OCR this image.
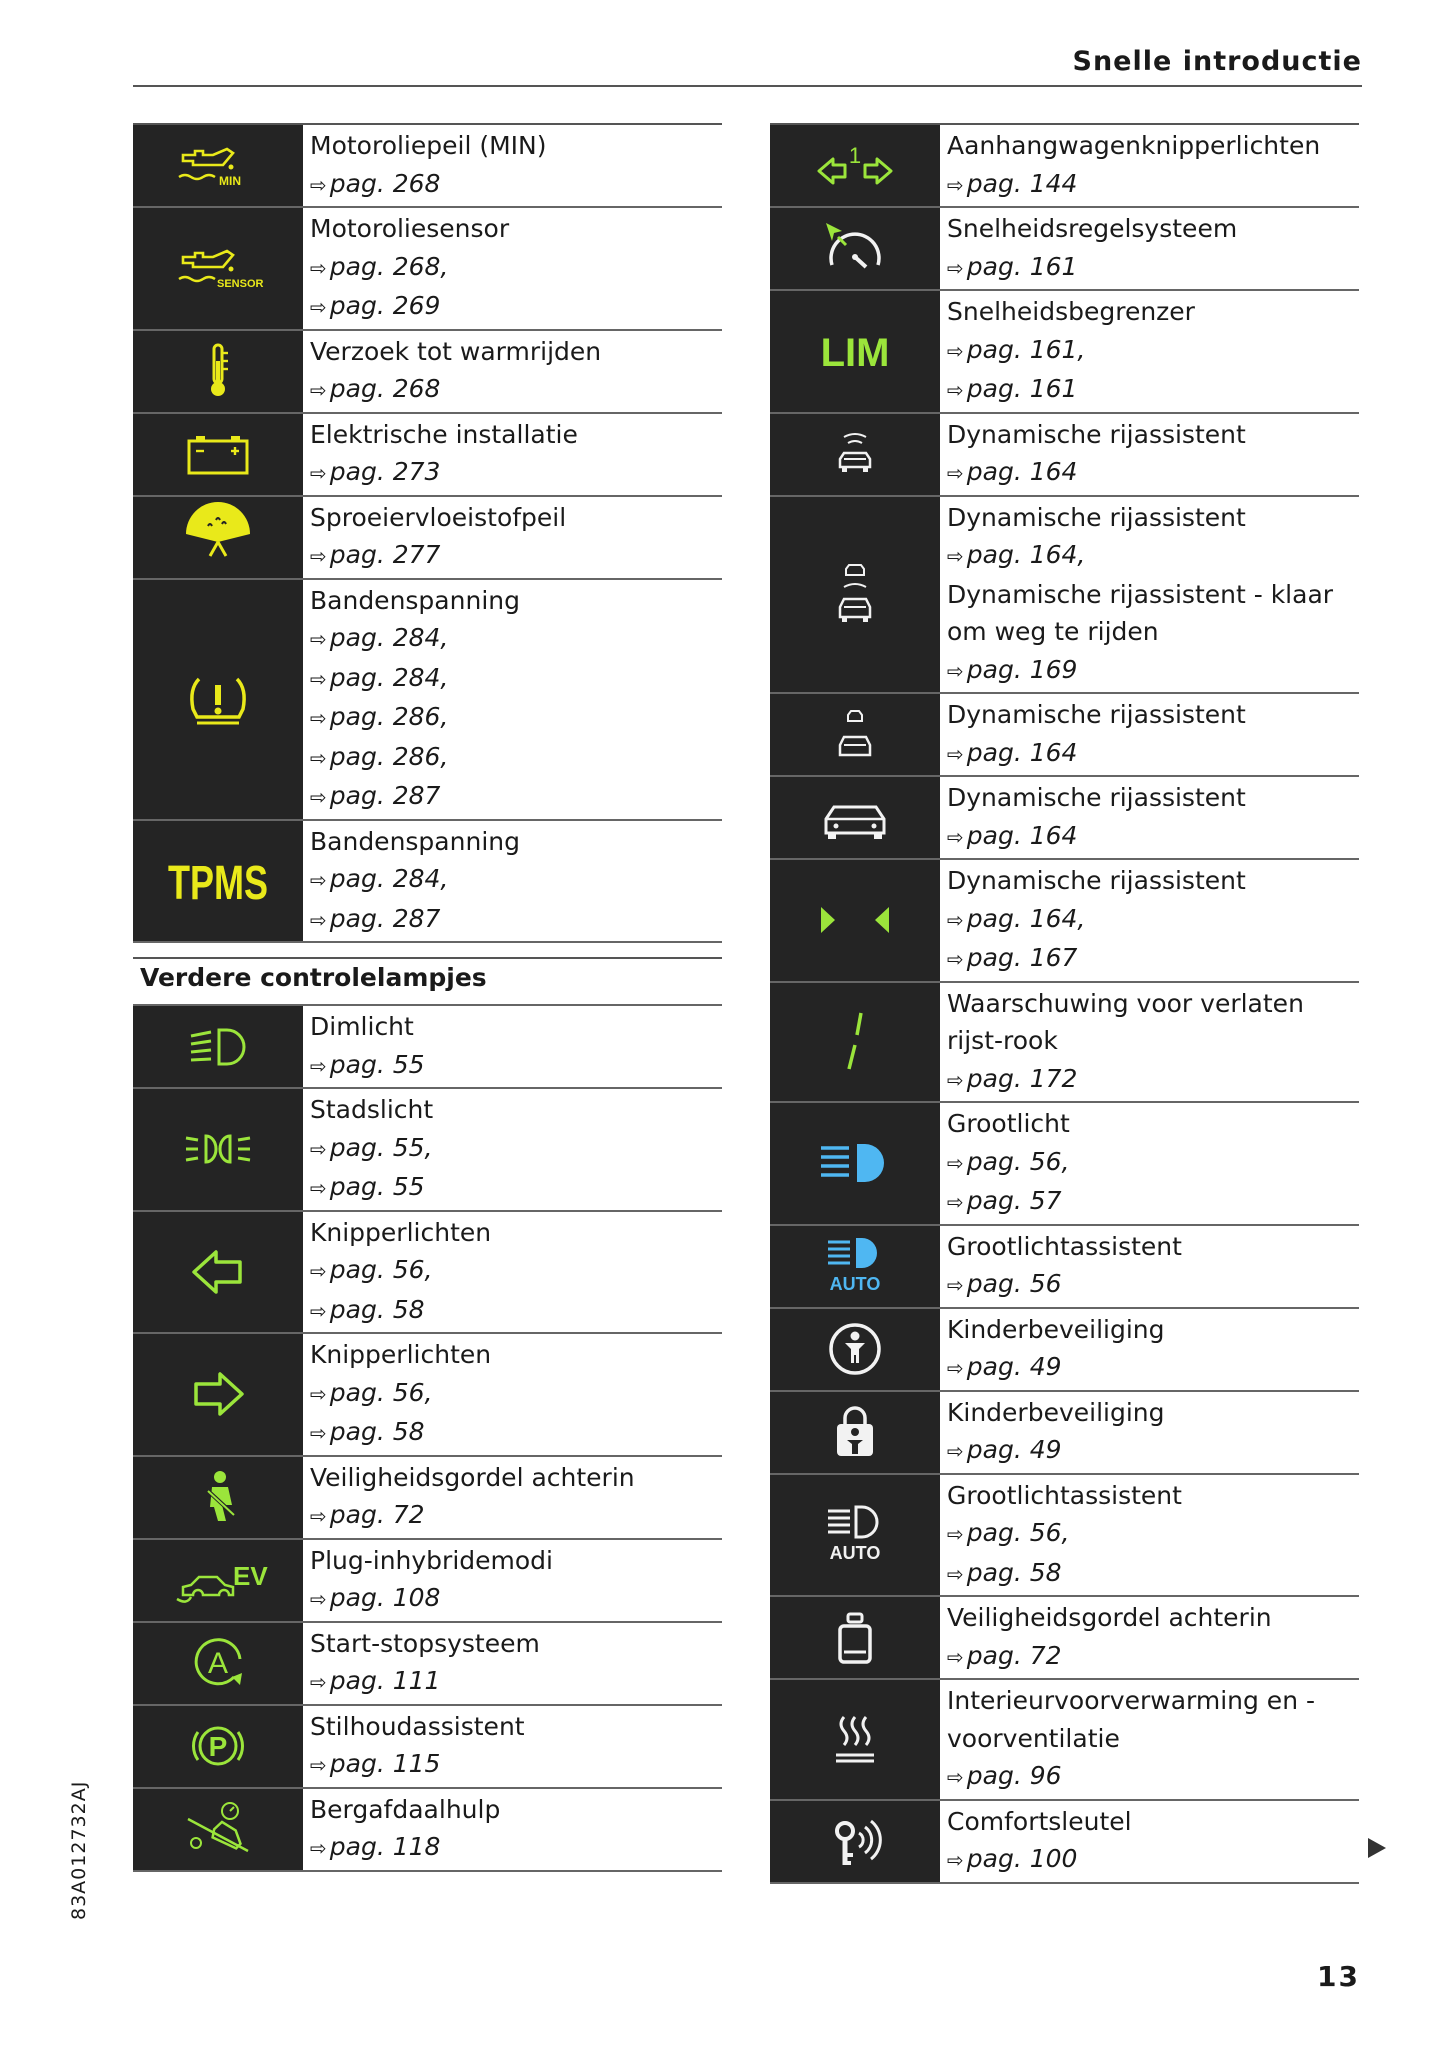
Snelle introductie
MIN
Motoroliepeil (MIN)
⇨ pag. 268
SENSOR
Motoroliesensor
⇨ pag. 268,
⇨ pag. 269
Verzoek tot warmrijden
⇨ pag. 268
Elektrische installatie
⇨ pag. 273
Sproeiervloeistofpeil
⇨ pag. 277
Bandenspanning
⇨ pag. 284,
⇨ pag. 284,
⇨ pag. 286,
⇨ pag. 286,
⇨ pag. 287
TPMS
Bandenspanning
⇨ pag. 284,
⇨ pag. 287
Verdere controlelampjes
Dimlicht
⇨ pag. 55
Stadslicht
⇨ pag. 55,
⇨ pag. 55
Knipperlichten
⇨ pag. 56,
⇨ pag. 58
Knipperlichten
⇨ pag. 56,
⇨ pag. 58
Veiligheidsgordel achterin
⇨ pag. 72
EV
Plug-inhybridemodi
⇨ pag. 108
A
Start-stopsysteem
⇨ pag. 111
P
Stilhoudassistent
⇨ pag. 115
Bergafdaalhulp
⇨ pag. 118
1	Aanhangwagenknipperlichten
⇨ pag. 144
Snelheidsregelsysteem
⇨ pag. 161
LIM
Snelheidsbegrenzer
⇨ pag. 161,
⇨ pag. 161
Dynamische rijassistent
⇨ pag. 164
Dynamische rijassistent
⇨ pag. 164,
Dynamische rijassistent - klaar om weg te rijden
⇨ pag. 169
Dynamische rijassistent
⇨ pag. 164
Dynamische rijassistent
⇨ pag. 164
Dynamische rijassistent
⇨ pag. 164,
⇨ pag. 167
Waarschuwing voor verlaten rijst-rook
⇨ pag. 172
Grootlicht
⇨ pag. 56,
⇨ pag. 57
AUTO
Grootlichtassistent
⇨ pag. 56
Kinderbeveiliging
⇨ pag. 49
Kinderbeveiliging
⇨ pag. 49
AUTO
Grootlichtassistent
⇨ pag. 56,
⇨ pag. 58
Veiligheidsgordel achterin
⇨ pag. 72
Interieurvoorverwarming en -voorventilatie
⇨ pag. 96
Comfortsleutel
⇨ pag. 100
83A012732AJ
13
